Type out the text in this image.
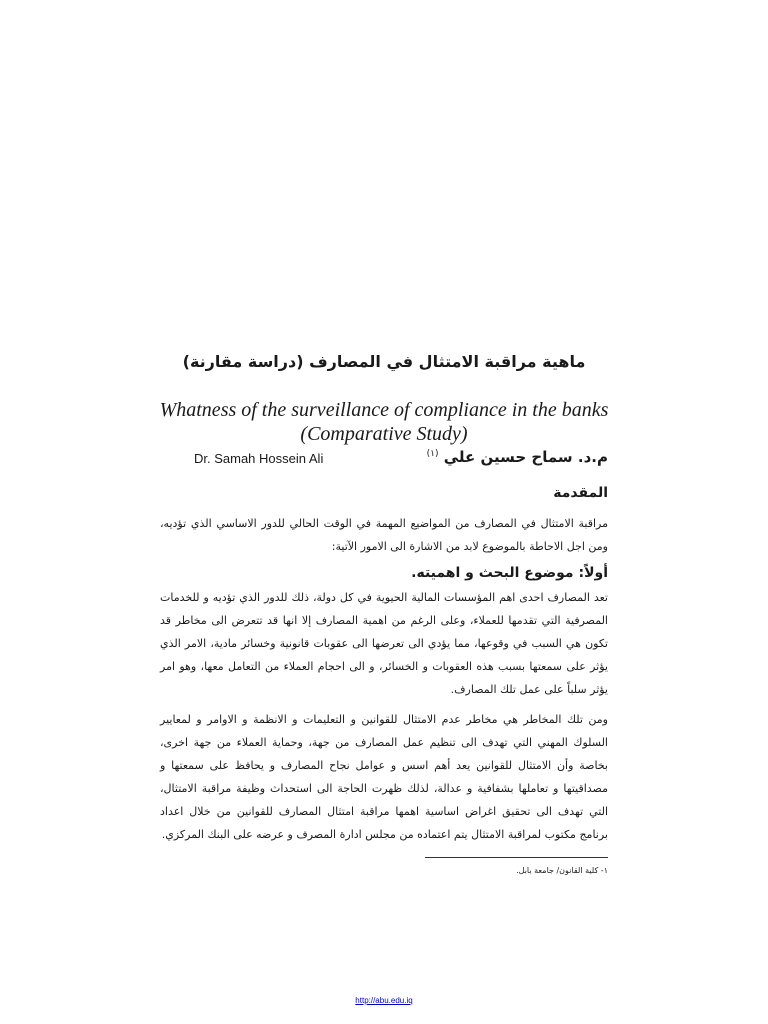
ماهية مراقبة الامتثال في المصارف (دراسة مقارنة)
Whatness of the surveillance of compliance in the banks
(Comparative Study)
Dr. Samah Hossein Ali	م.د. سماح حسين علي $^{(١)}$
المقدمة
مراقبة الامتثال في المصارف من المواضيع المهمة في الوقت الحالي للدور الاساسي الذي تؤديه، ومن اجل الاحاطة بالموضوع لابد من الاشارة الى الامور الآتية:
أولاً: موضوع البحث و اهميته.
تعد المصارف احدى اهم المؤسسات المالية الحيوية في كل دولة، ذلك للدور الذي تؤديه و للخدمات المصرفية التي تقدمها للعملاء، وعلى الرغم من اهمية المصارف إلا انها قد تتعرض الى مخاطر قد تكون هي السبب في وقوعها، مما يؤدي الى تعرضها الى عقوبات قانونية وخسائر مادية، الامر الذي يؤثر على سمعتها بسبب هذه العقوبات و الخسائر، و الى احجام العملاء من التعامل معها، وهو امر يؤثر سلباً على عمل تلك المصارف.
ومن تلك المخاطر هي مخاطر عدم الامتثال للقوانين و التعليمات و الانظمة و الاوامر و لمعايير السلوك المهني التي تهدف الى تنظيم عمل المصارف من جهة، وحماية العملاء من جهة اخرى، بخاصة وأن الامتثال للقوانين يعد أهم اسس و عوامل نجاح المصارف و يحافظ على سمعتها و مصداقيتها و تعاملها بشفافية و عدالة، لذلك ظهرت الحاجة الى استحداث وظيفة مراقبة الامتثال، التي تهدف الى تحقيق اغراض اساسية اهمها مراقبة امتثال المصارف للقوانين من خلال اعداد برنامج مكتوب لمراقبة الامتثال يتم اعتماده من مجلس ادارة المصرف و عرضه على البنك المركزي.
١- كلية القانون/ جامعة بابل.
http://abu.edu.iq
